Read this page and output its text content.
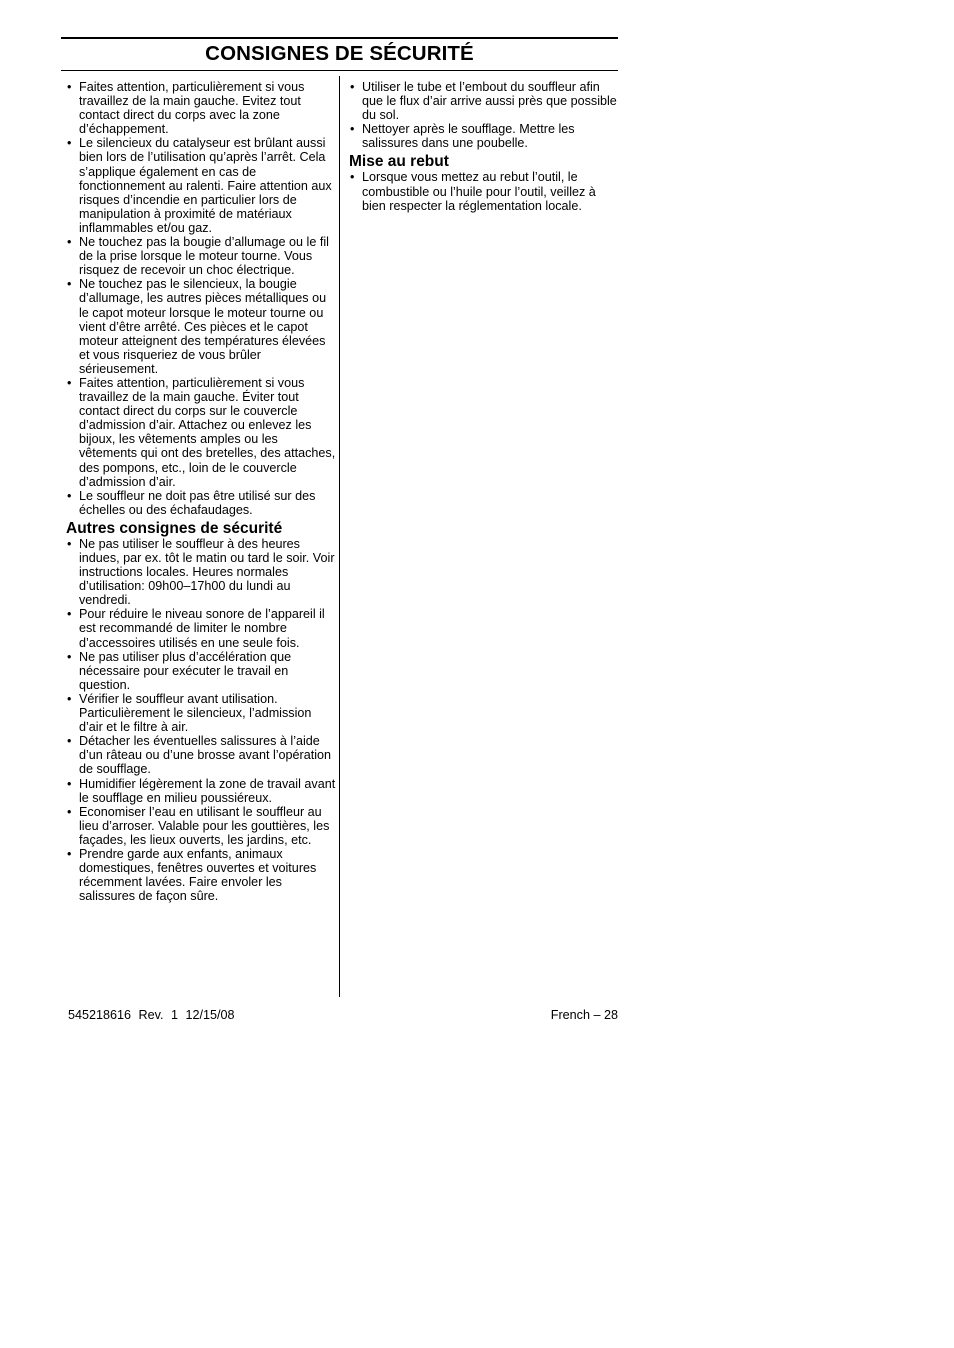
CONSIGNES DE SÉCURITÉ
• Faites attention, particulièrement si vous travaillez de la main gauche. Evitez tout contact direct du corps avec la zone d’échappement.
• Le silencieux du catalyseur est brûlant aussi bien lors de l’utilisation qu’après l’arrêt. Cela s’applique également en cas de fonctionnement au ralenti. Faire attention aux risques d’incendie en particulier lors de manipulation à proximité de matériaux inflammables et/ou gaz.
• Ne touchez pas la bougie d’allumage ou le fil de la prise lorsque le moteur tourne. Vous risquez de recevoir un choc électrique.
• Ne touchez pas le silencieux, la bougie d’allumage, les autres pièces métalliques ou le capot moteur lorsque le moteur tourne ou vient d’être arrêté. Ces pièces et le capot moteur atteignent des températures élevées et vous risqueriez de vous brûler sérieusement.
• Faites attention, particulièrement si vous travaillez de la main gauche. Éviter tout contact direct du corps sur le couvercle d’admission d’air. Attachez ou enlevez les bijoux, les vêtements amples ou les vêtements qui ont des bretelles, des attaches, des pompons, etc., loin de le couvercle d’admission d’air.
• Le souffleur ne doit pas être utilisé sur des échelles ou des échafaudages.
Autres consignes de sécurité
• Ne pas utiliser le souffleur à des heures indues, par ex. tôt le matin ou tard le soir. Voir instructions locales. Heures normales d’utilisation: 09h00–17h00 du lundi au vendredi.
• Pour réduire le niveau sonore de l’appareil il est recommandé de limiter le nombre d’accessoires utilisés en une seule fois.
• Ne pas utiliser plus d’accélération que nécessaire pour exécuter le travail en question.
• Vérifier le souffleur avant utilisation. Particulièrement le silencieux, l’admission d’air et le filtre à air.
• Détacher les éventuelles salissures à l’aide d’un râteau ou d’une brosse avant l’opération de soufflage.
• Humidifier légèrement la zone de travail avant le soufflage en milieu poussiéreux.
• Economiser l’eau en utilisant le souffleur au lieu d’arroser. Valable pour les gouttières, les façades, les lieux ouverts, les jardins, etc.
• Prendre garde aux enfants, animaux domestiques, fenêtres ouvertes et voitures récemment lavées. Faire envoler les salissures de façon sûre.
• Utiliser le tube et l’embout du souffleur afin que le flux d’air arrive aussi près que possible du sol.
• Nettoyer après le soufflage. Mettre les salissures dans une poubelle.
Mise au rebut
• Lorsque vous mettez au rebut l’outil, le combustible ou l’huile pour l’outil, veillez à bien respecter la réglementation locale.
545218616 Rev. 1 12/15/08	French – 28
